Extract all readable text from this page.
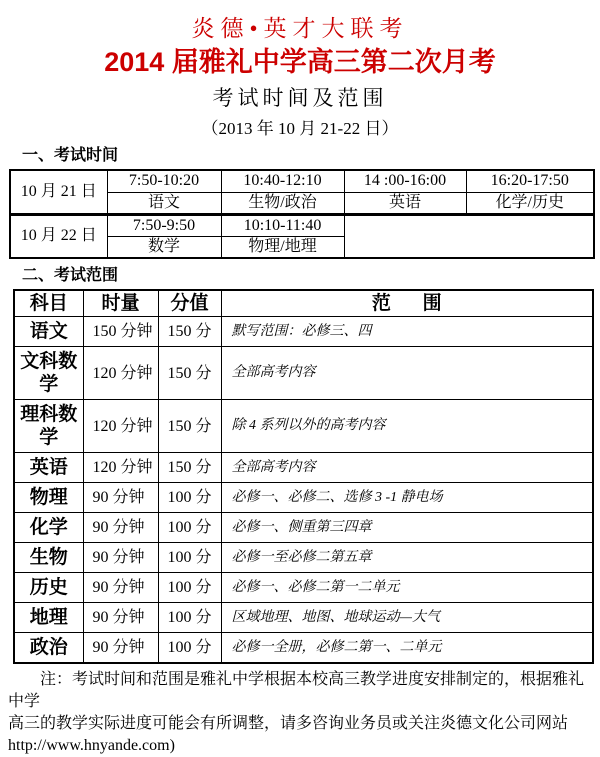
炎德•英才大联考
2014 届雅礼中学高三第二次月考
考试时间及范围
（2013 年 10 月 21-22 日）
一、考试时间
10 月 21 日	7:50-10:20	10:40-12:10	14 :00-16:00	16:20-17:50
	语文	生物/政治	英语	化学/历史
10 月 22 日	7:50-9:50	10:10-11:40		
	数学	物理/地理		
二、考试范围
科目	时量	分值	范      围
语文	150 分钟	150 分	默写范围：必修三、四
文科数学	120 分钟	150 分	全部高考内容
理科数学	120 分钟	150 分	除 4 系列以外的高考内容
英语	120 分钟	150 分	全部高考内容
物理	90 分钟	100 分	必修一、必修二、选修 3 -1 静电场
化学	90 分钟	100 分	必修一、侧重第三四章
生物	90 分钟	100 分	必修一至必修二第五章
历史	90 分钟	100 分	必修一、必修二第一二单元
地理	90 分钟	100 分	区域地理、地图、地球运动—大气
政治	90 分钟	100 分	必修一全册，必修二第一、二单元
注：考试时间和范围是雅礼中学根据本校高三教学进度安排制定的，根据雅礼中学
高三的教学实际进度可能会有所调整，请多咨询业务员或关注炎德文化公司网站
http://www.hnyande.com)
